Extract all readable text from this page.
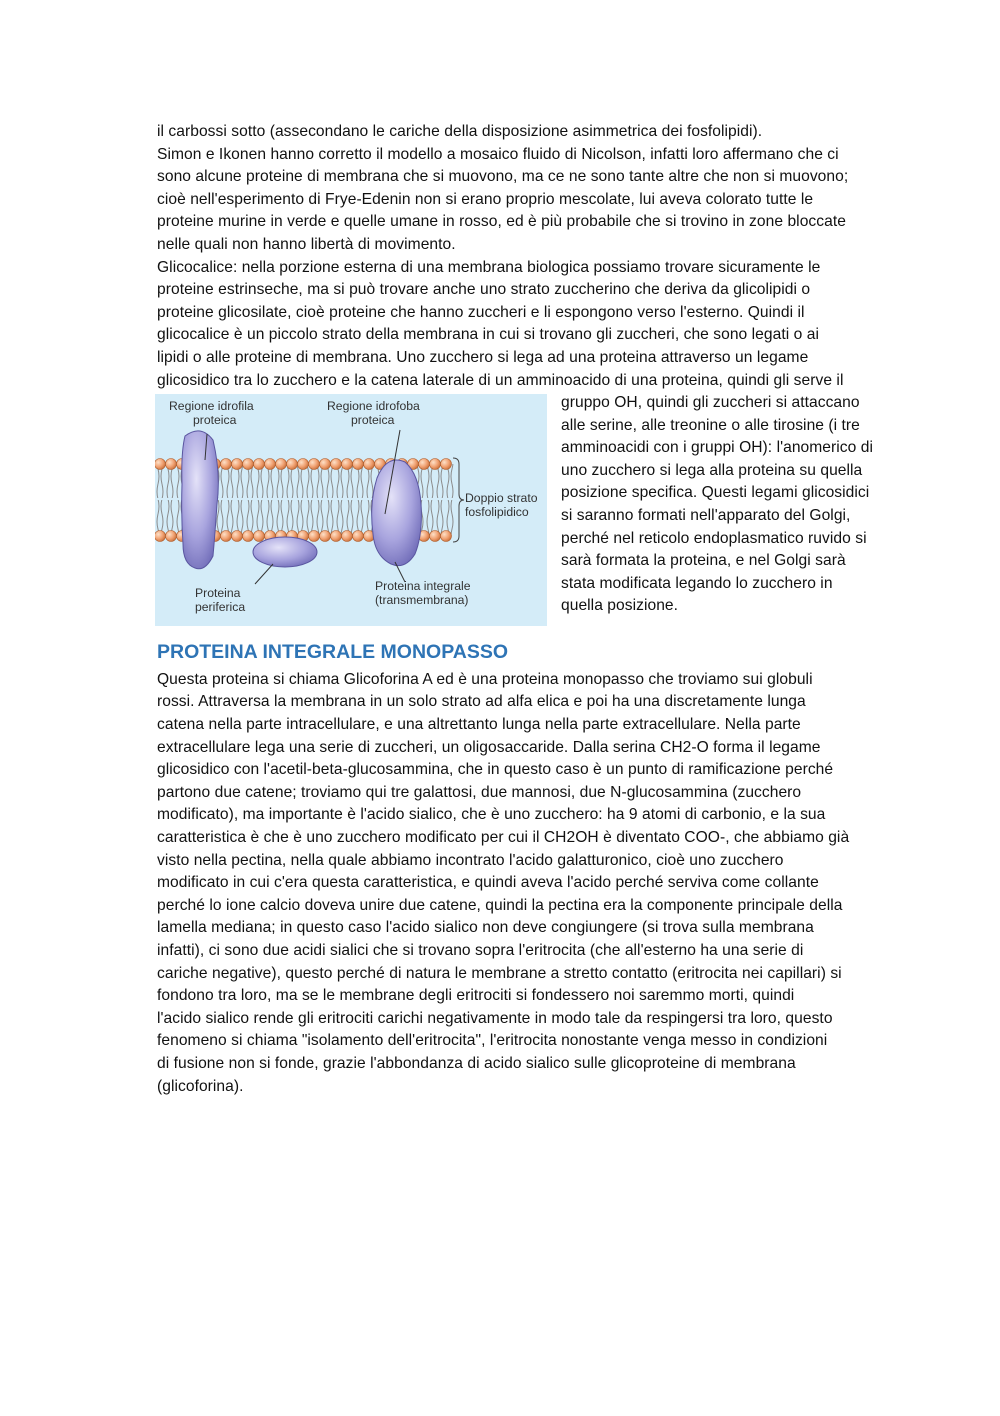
il carbossi sotto (assecondano le cariche della disposizione asimmetrica dei fosfolipidi).
Simon e Ikonen hanno corretto il modello a mosaico fluido di Nicolson, infatti loro affermano che ci
sono alcune proteine di membrana che si muovono, ma ce ne sono tante altre che non si muovono;
cioè nell'esperimento di Frye-Edenin non si erano proprio mescolate, lui aveva colorato tutte le
proteine murine in verde e quelle umane in rosso, ed è più probabile che si trovino in zone bloccate
nelle quali non hanno libertà di movimento.
Glicocalice: nella porzione esterna di una membrana biologica possiamo trovare sicuramente le
proteine estrinseche, ma si può trovare anche uno strato zuccherino che deriva da glicolipidi o
proteine glicosilate, cioè proteine che hanno zuccheri e li espongono verso l'esterno. Quindi il
glicocalice è un piccolo strato della membrana in cui si trovano gli zuccheri, che sono legati o ai
lipidi o alle proteine di membrana. Uno zucchero si lega ad una proteina attraverso un legame
glicosidico tra lo zucchero e la catena laterale di un amminoacido di una proteina, quindi gli serve il
Regione idrofila
proteica
Regione idrofoba
proteica
Doppio strato
fosfolipidico
Proteina
periferica
Proteina integrale
(transmembrana)
gruppo OH, quindi gli zuccheri si attaccano
alle serine, alle treonine o alle tirosine (i tre
amminoacidi con i gruppi OH): l'anomerico di
uno zucchero si lega alla proteina su quella
posizione specifica. Questi legami glicosidici
si saranno formati nell'apparato del Golgi,
perché nel reticolo endoplasmatico ruvido si
sarà formata la proteina, e nel Golgi sarà
stata modificata legando lo zucchero in
quella posizione.
PROTEINA INTEGRALE MONOPASSO
Questa proteina si chiama Glicoforina A ed è una proteina monopasso che troviamo sui globuli
rossi. Attraversa la membrana in un solo strato ad alfa elica e poi ha una discretamente lunga
catena nella parte intracellulare, e una altrettanto lunga nella parte extracellulare. Nella parte
extracellulare lega una serie di zuccheri, un oligosaccaride. Dalla serina CH2-O forma il legame
glicosidico con l'acetil-beta-glucosammina, che in questo caso è un punto di ramificazione perché
partono due catene; troviamo qui tre galattosi, due mannosi, due N-glucosammina (zucchero
modificato), ma importante è l'acido sialico, che è uno zucchero: ha 9 atomi di carbonio, e la sua
caratteristica è che è uno zucchero modificato per cui il CH2OH è diventato COO-, che abbiamo già
visto nella pectina, nella quale abbiamo incontrato l'acido galatturonico, cioè uno zucchero
modificato in cui c'era questa caratteristica, e quindi aveva l'acido perché serviva come collante
perché lo ione calcio doveva unire due catene, quindi la pectina era la componente principale della
lamella mediana; in questo caso l'acido sialico non deve congiungere (si trova sulla membrana
infatti), ci sono due acidi sialici che si trovano sopra l'eritrocita (che all'esterno ha una serie di
cariche negative), questo perché di natura le membrane a stretto contatto (eritrocita nei capillari) si
fondono tra loro, ma se le membrane degli eritrociti si fondessero noi saremmo morti, quindi
l'acido sialico rende gli eritrociti carichi negativamente in modo tale da respingersi tra loro, questo
fenomeno si chiama "isolamento dell'eritrocita", l'eritrocita nonostante venga messo in condizioni
di fusione non si fonde, grazie l'abbondanza di acido sialico sulle glicoproteine di membrana
(glicoforina).
